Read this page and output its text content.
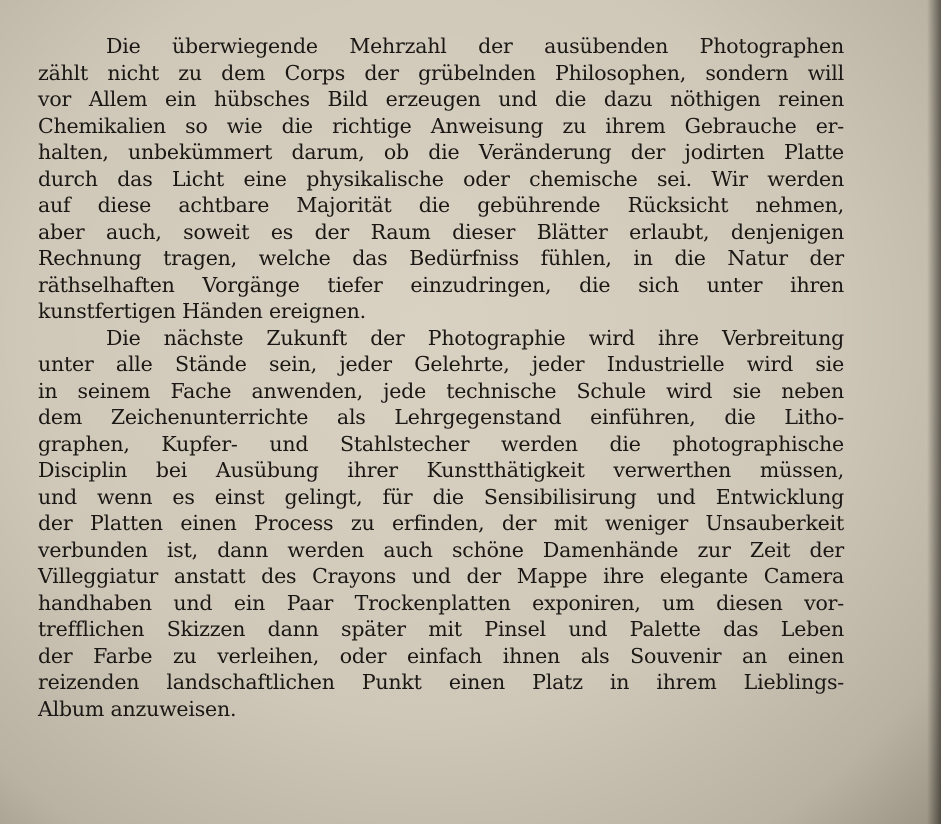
Die überwiegende Mehrzahl der ausübenden Photographen
zählt nicht zu dem Corps der grübelnden Philosophen, sondern will
vor Allem ein hübsches Bild erzeugen und die dazu nöthigen reinen
Chemikalien so wie die richtige Anweisung zu ihrem Gebrauche er-
halten, unbekümmert darum, ob die Veränderung der jodirten Platte
durch das Licht eine physikalische oder chemische sei. Wir werden
auf diese achtbare Majorität die gebührende Rücksicht nehmen,
aber auch, soweit es der Raum dieser Blätter erlaubt, denjenigen
Rechnung tragen, welche das Bedürfniss fühlen, in die Natur der
räthselhaften Vorgänge tiefer einzudringen, die sich unter ihren
kunstfertigen Händen ereignen.
Die nächste Zukunft der Photographie wird ihre Verbreitung
unter alle Stände sein, jeder Gelehrte, jeder Industrielle wird sie
in seinem Fache anwenden, jede technische Schule wird sie neben
dem Zeichenunterrichte als Lehrgegenstand einführen, die Litho-
graphen, Kupfer- und Stahlstecher werden die photographische
Disciplin bei Ausübung ihrer Kunstthätigkeit verwerthen müssen,
und wenn es einst gelingt, für die Sensibilisirung und Entwicklung
der Platten einen Process zu erfinden, der mit weniger Unsauberkeit
verbunden ist, dann werden auch schöne Damenhände zur Zeit der
Villeggiatur anstatt des Crayons und der Mappe ihre elegante Camera
handhaben und ein Paar Trockenplatten exponiren, um diesen vor-
trefflichen Skizzen dann später mit Pinsel und Palette das Leben
der Farbe zu verleihen, oder einfach ihnen als Souvenir an einen
reizenden landschaftlichen Punkt einen Platz in ihrem Lieblings-
Album anzuweisen.
